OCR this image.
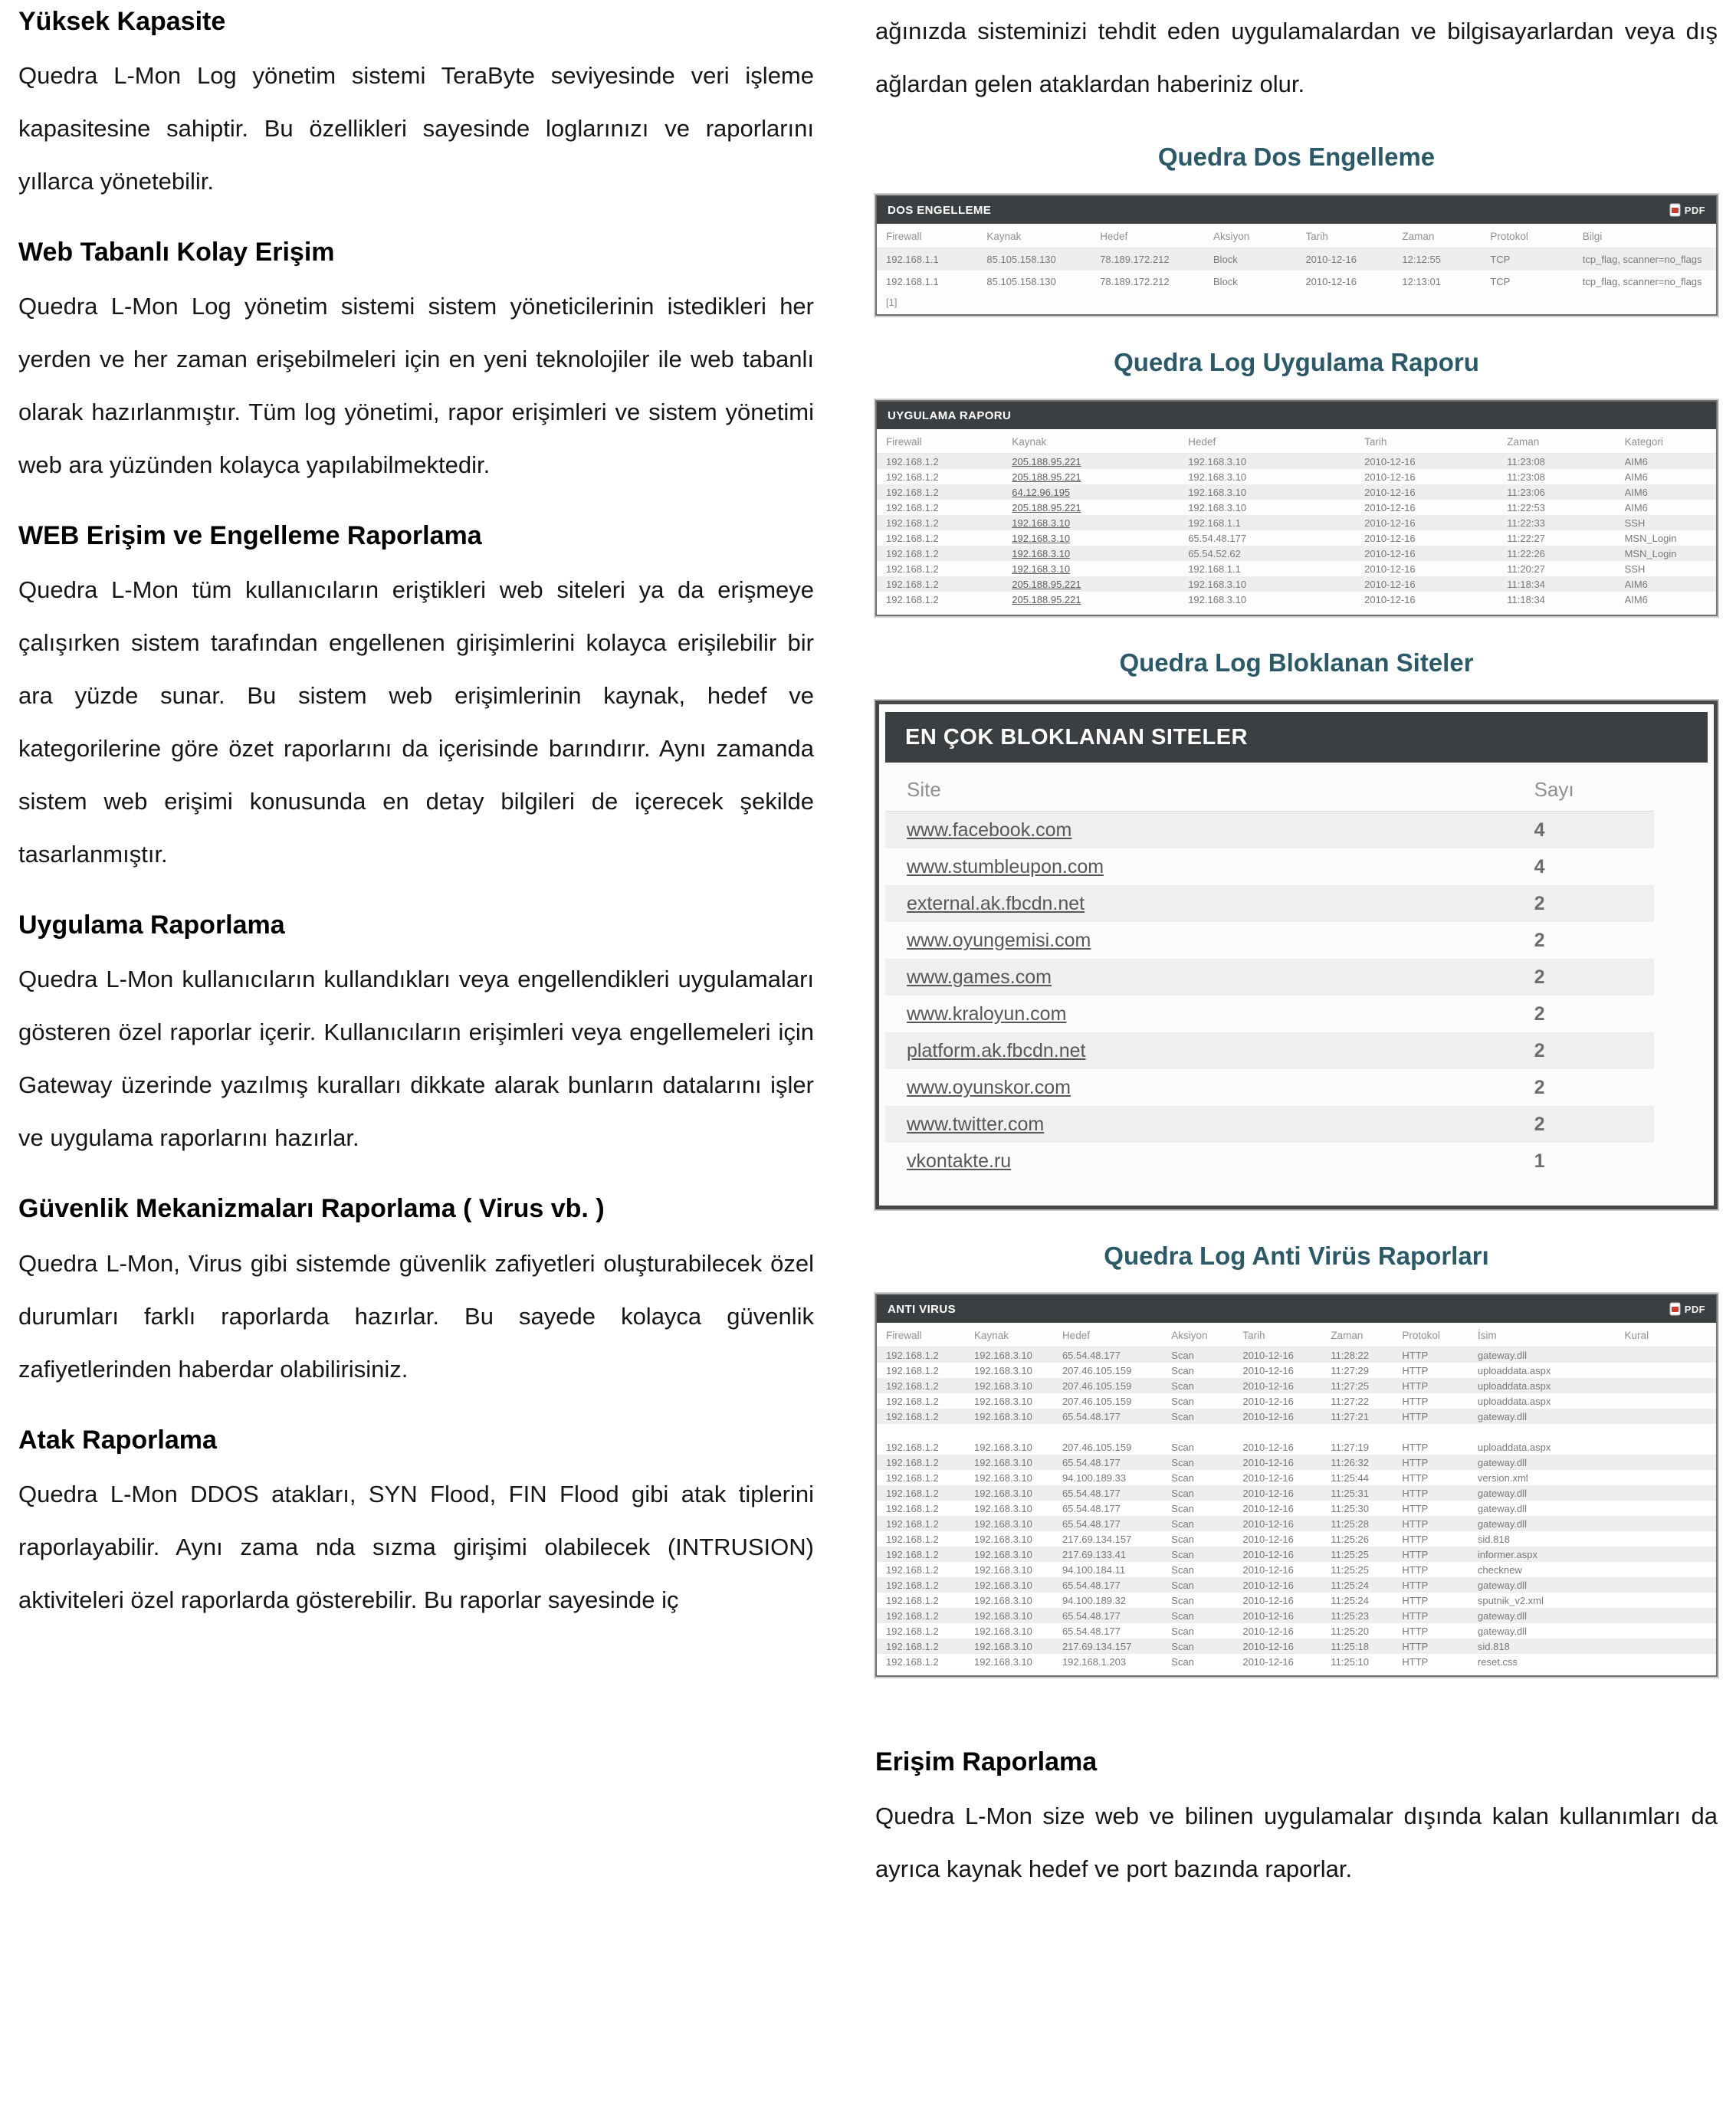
Yüksek Kapasite

Quedra L-Mon Log yönetim sistemi TeraByte seviyesinde veri işleme kapasitesine sahiptir. Bu özellikleri sayesinde loglarınızı ve raporlarını yıllarca yönetebilir.

Web Tabanlı Kolay Erişim

Quedra L-Mon Log yönetim sistemi sistem yöneticilerinin istedikleri her yerden ve her zaman erişebilmeleri için en yeni teknolojiler ile web tabanlı olarak hazırlanmıştır. Tüm log yönetimi, rapor erişimleri ve sistem yönetimi web ara yüzünden kolayca yapılabilmektedir.

WEB Erişim ve Engelleme Raporlama

Quedra L-Mon tüm kullanıcıların eriştikleri web siteleri ya da erişmeye çalışırken sistem tarafından engellenen girişimlerini kolayca erişilebilir bir ara yüzde sunar. Bu sistem web erişimlerinin kaynak, hedef ve kategorilerine göre özet raporlarını da içerisinde barındırır. Aynı zamanda sistem web erişimi konusunda en detay bilgileri de içerecek şekilde tasarlanmıştır.

Uygulama Raporlama

Quedra L-Mon kullanıcıların kullandıkları veya engellendikleri uygulamaları gösteren özel raporlar içerir. Kullanıcıların erişimleri veya engellemeleri için Gateway üzerinde yazılmış kuralları dikkate alarak bunların datalarını işler ve uygulama raporlarını hazırlar.

Güvenlik Mekanizmaları Raporlama ( Virus vb. )

Quedra L-Mon, Virus gibi sistemde güvenlik zafiyetleri oluşturabilecek özel durumları farklı raporlarda hazırlar. Bu sayede kolayca güvenlik zafiyetlerinden haberdar olabilirisiniz.

Atak Raporlama

Quedra L-Mon DDOS atakları, SYN Flood, FIN Flood gibi atak tiplerini raporlayabilir. Aynı zama nda sızma girişimi olabilecek (INTRUSION) aktiviteleri özel raporlarda gösterebilir. Bu raporlar sayesinde iç

ağınızda sisteminizi tehdit eden uygulamalardan ve bilgisayarlardan veya dış ağlardan gelen ataklardan haberiniz olur.

Quedra Dos Engelleme
DOS ENGELLEME	PDF
Firewall	Kaynak	Hedef	Aksiyon	Tarih	Zaman	Protokol	Bilgi
192.168.1.1	85.105.158.130	78.189.172.212	Block	2010-12-16	12:12:55	TCP	tcp_flag, scanner=no_flags
192.168.1.1	85.105.158.130	78.189.172.212	Block	2010-12-16	12:13:01	TCP	tcp_flag, scanner=no_flags
[1]
Quedra Log Uygulama Raporu
UYGULAMA RAPORU
Firewall	Kaynak	Hedef	Tarih	Zaman	Kategori
192.168.1.2	205.188.95.221	192.168.3.10	2010-12-16	11:23:08	AIM6
192.168.1.2	205.188.95.221	192.168.3.10	2010-12-16	11:23:08	AIM6
192.168.1.2	64.12.96.195	192.168.3.10	2010-12-16	11:23:06	AIM6
192.168.1.2	205.188.95.221	192.168.3.10	2010-12-16	11:22:53	AIM6
192.168.1.2	192.168.3.10	192.168.1.1	2010-12-16	11:22:33	SSH
192.168.1.2	192.168.3.10	65.54.48.177	2010-12-16	11:22:27	MSN_Login
192.168.1.2	192.168.3.10	65.54.52.62	2010-12-16	11:22:26	MSN_Login
192.168.1.2	192.168.3.10	192.168.1.1	2010-12-16	11:20:27	SSH
192.168.1.2	205.188.95.221	192.168.3.10	2010-12-16	11:18:34	AIM6
192.168.1.2	205.188.95.221	192.168.3.10	2010-12-16	11:18:34	AIM6
Quedra Log Bloklanan Siteler
EN ÇOK BLOKLANAN SITELER
Site	Sayı
www.facebook.com	4
www.stumbleupon.com	4
external.ak.fbcdn.net	2
www.oyungemisi.com	2
www.games.com	2
www.kraloyun.com	2
platform.ak.fbcdn.net	2
www.oyunskor.com	2
www.twitter.com	2
vkontakte.ru	1
Quedra Log Anti Virüs Raporları
ANTI VIRUS	PDF
Firewall	Kaynak	Hedef	Aksiyon	Tarih	Zaman	Protokol	İsim	Kural
192.168.1.2	192.168.3.10	65.54.48.177	Scan	2010-12-16	11:28:22	HTTP	gateway.dll	
192.168.1.2	192.168.3.10	207.46.105.159	Scan	2010-12-16	11:27:29	HTTP	uploaddata.aspx	
192.168.1.2	192.168.3.10	207.46.105.159	Scan	2010-12-16	11:27:25	HTTP	uploaddata.aspx	
192.168.1.2	192.168.3.10	207.46.105.159	Scan	2010-12-16	11:27:22	HTTP	uploaddata.aspx	
192.168.1.2	192.168.3.10	65.54.48.177	Scan	2010-12-16	11:27:21	HTTP	gateway.dll	

192.168.1.2	192.168.3.10	207.46.105.159	Scan	2010-12-16	11:27:19	HTTP	uploaddata.aspx	
192.168.1.2	192.168.3.10	65.54.48.177	Scan	2010-12-16	11:26:32	HTTP	gateway.dll	
192.168.1.2	192.168.3.10	94.100.189.33	Scan	2010-12-16	11:25:44	HTTP	version.xml	
192.168.1.2	192.168.3.10	65.54.48.177	Scan	2010-12-16	11:25:31	HTTP	gateway.dll	
192.168.1.2	192.168.3.10	65.54.48.177	Scan	2010-12-16	11:25:30	HTTP	gateway.dll	
192.168.1.2	192.168.3.10	65.54.48.177	Scan	2010-12-16	11:25:28	HTTP	gateway.dll	
192.168.1.2	192.168.3.10	217.69.134.157	Scan	2010-12-16	11:25:26	HTTP	sid.818	
192.168.1.2	192.168.3.10	217.69.133.41	Scan	2010-12-16	11:25:25	HTTP	informer.aspx	
192.168.1.2	192.168.3.10	94.100.184.11	Scan	2010-12-16	11:25:25	HTTP	checknew	
192.168.1.2	192.168.3.10	65.54.48.177	Scan	2010-12-16	11:25:24	HTTP	gateway.dll	
192.168.1.2	192.168.3.10	94.100.189.32	Scan	2010-12-16	11:25:24	HTTP	sputnik_v2.xml	
192.168.1.2	192.168.3.10	65.54.48.177	Scan	2010-12-16	11:25:23	HTTP	gateway.dll	
192.168.1.2	192.168.3.10	65.54.48.177	Scan	2010-12-16	11:25:20	HTTP	gateway.dll	
192.168.1.2	192.168.3.10	217.69.134.157	Scan	2010-12-16	11:25:18	HTTP	sid.818	
192.168.1.2	192.168.3.10	192.168.1.203	Scan	2010-12-16	11:25:10	HTTP	reset.css	
Erişim Raporlama

Quedra L-Mon size web ve bilinen uygulamalar dışında kalan kullanımları da ayrıca kaynak hedef ve port bazında raporlar.
